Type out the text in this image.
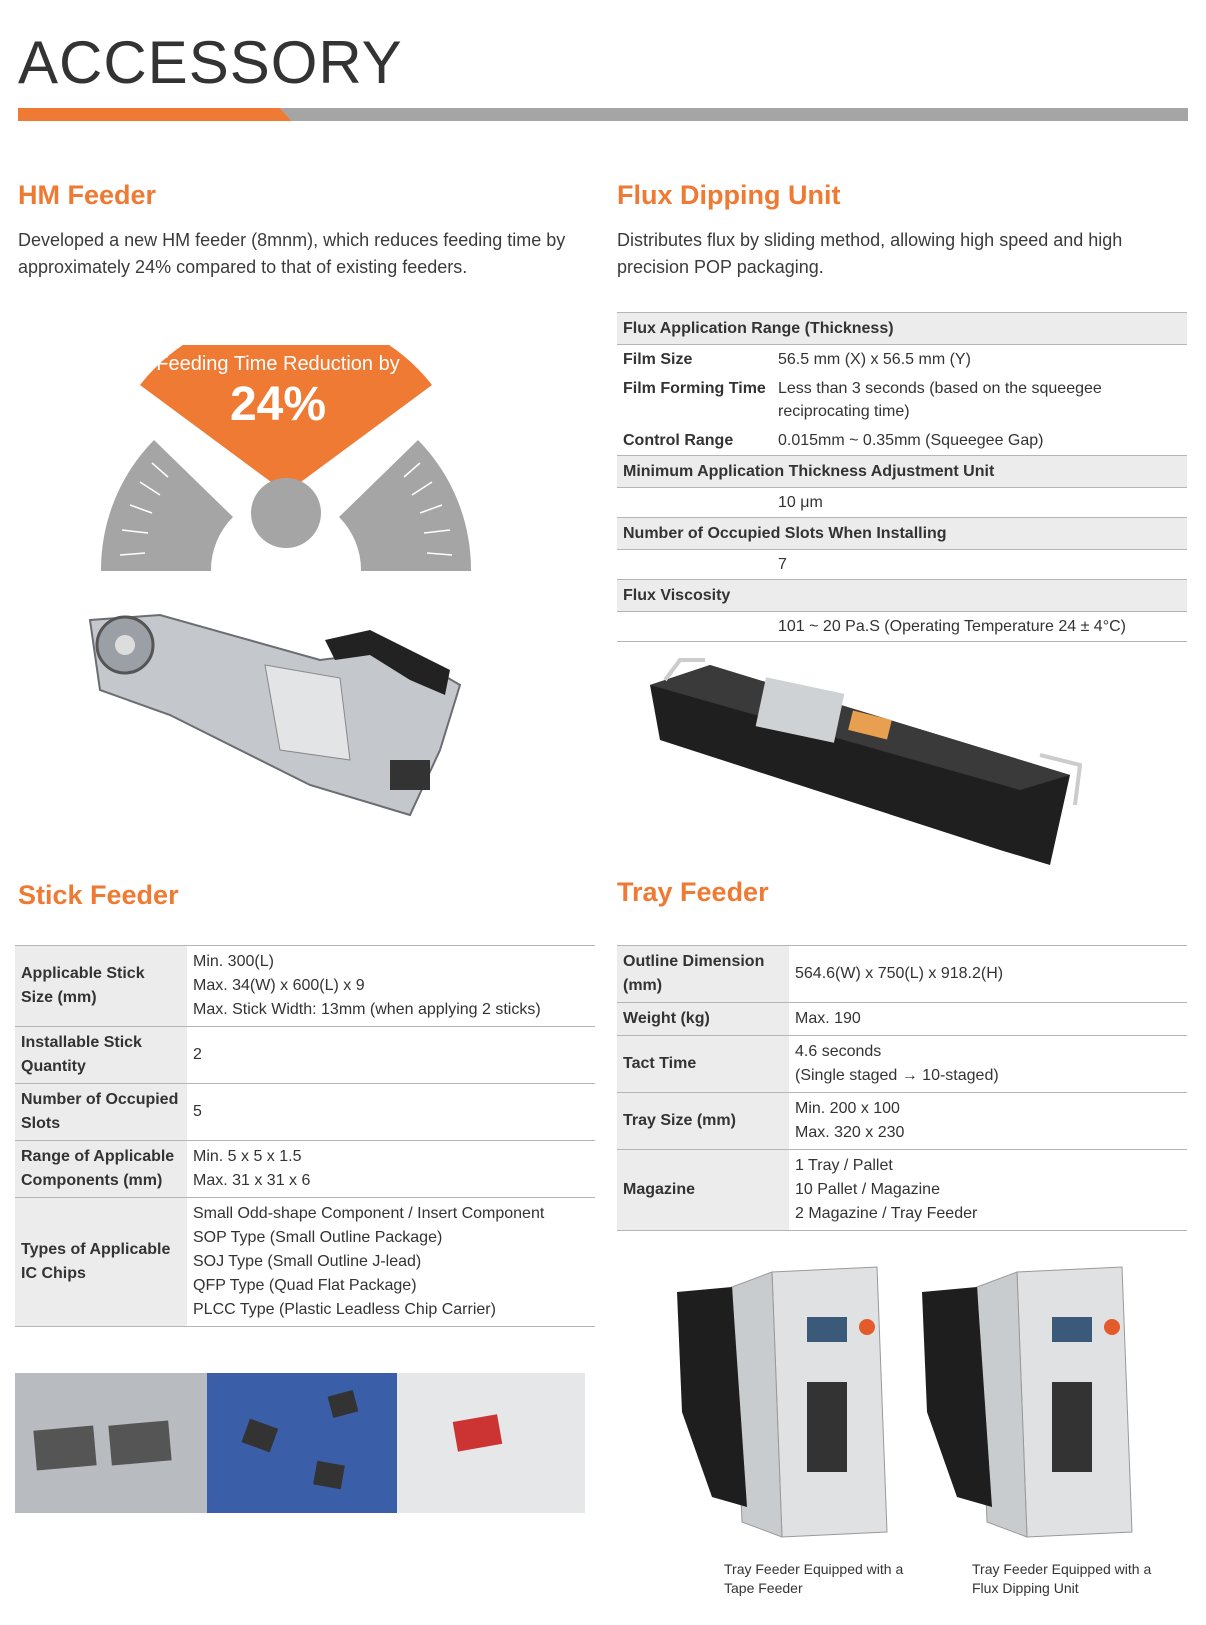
ACCESSORY
HM Feeder
Developed a new HM feeder (8mnm), which reduces feeding time by approximately 24% compared to that of existing feeders.
Feeding Time Reduction by
24%
Flux Dipping Unit
Distributes flux by sliding method, allowing high speed and high precision POP packaging.
Flux Application Range (Thickness)	
Film Size	56.5 mm (X) x 56.5 mm (Y)
Film Forming Time	Less than 3 seconds (based on the squeegee reciprocating time)
Control Range	0.015mm ~ 0.35mm (Squeegee Gap)
Minimum Application Thickness Adjustment Unit	
	10 μm
Number of Occupied Slots When Installing	
	7
Flux Viscosity	
	101 ~ 20 Pa.S (Operating Temperature 24 ± 4°C)
Stick Feeder
Applicable Stick Size (mm)	Min. 300(L)
Max. 34(W) x 600(L) x 9
Max. Stick Width: 13mm (when applying 2 sticks)

Installable Stick Quantity	2

Number of Occupied Slots	5

Range of Applicable Components (mm)	Min. 5 x 5 x 1.5
Max. 31 x 31 x 6

Types of Applicable IC Chips	Small Odd-shape Component / Insert Component
SOP Type (Small Outline Package)
SOJ Type (Small Outline J-lead)
QFP Type (Quad Flat Package)
PLCC Type (Plastic Leadless Chip Carrier)
Tray Feeder
Outline Dimension (mm)	564.6(W) x 750(L) x 918.2(H)

Weight (kg)	Max. 190

Tact Time	4.6 seconds
(Single staged → 10-staged)

Tray Size (mm)	Min. 200 x 100
Max. 320 x 230

Magazine	1 Tray / Pallet
10 Pallet / Magazine
2 Magazine / Tray Feeder
Tray Feeder Equipped with a Tape Feeder
Tray Feeder Equipped with a Flux Dipping Unit
